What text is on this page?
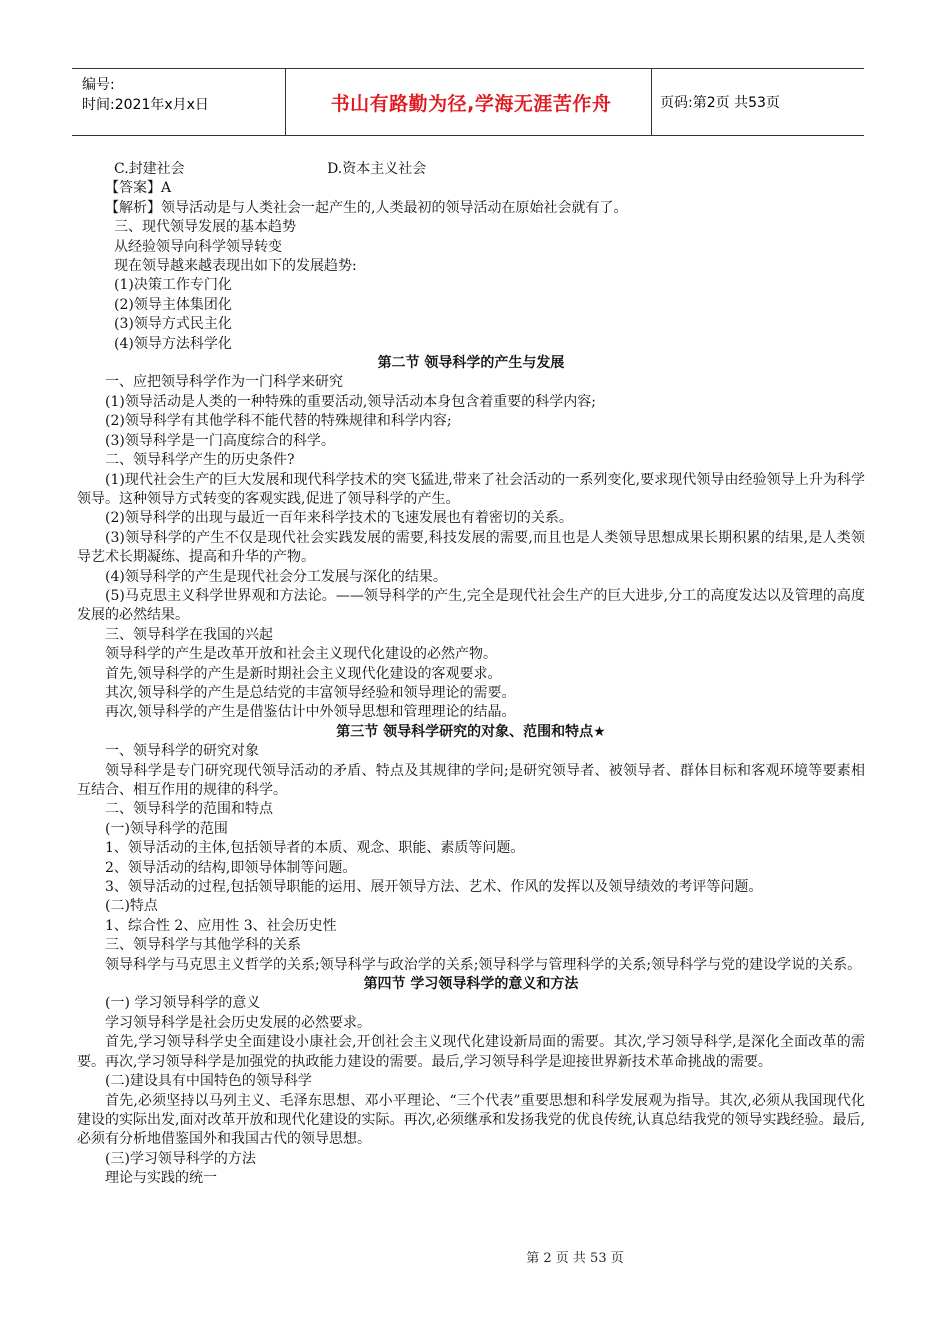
编号:
时间:2021年x月x日	书山有路勤为径,学海无涯苦作舟	页码:第2页 共53页
C.封建社会                                D.资本主义社会
【答案】A
【解析】领导活动是与人类社会一起产生的,人类最初的领导活动在原始社会就有了。
三、现代领导发展的基本趋势
从经验领导向科学领导转变
现在领导越来越表现出如下的发展趋势:
(1)决策工作专门化
(2)领导主体集团化
(3)领导方式民主化
(4)领导方法科学化
第二节 领导科学的产生与发展
一、应把领导科学作为一门科学来研究
(1)领导活动是人类的一种特殊的重要活动,领导活动本身包含着重要的科学内容;
(2)领导科学有其他学科不能代替的特殊规律和科学内容;
(3)领导科学是一门高度综合的科学。
二、领导科学产生的历史条件?
(1)现代社会生产的巨大发展和现代科学技术的突飞猛进,带来了社会活动的一系列变化,要求现代领导由经验领导上升为科学领导。这种领导方式转变的客观实践,促进了领导科学的产生。
(2)领导科学的出现与最近一百年来科学技术的飞速发展也有着密切的关系。
(3)领导科学的产生不仅是现代社会实践发展的需要,科技发展的需要,而且也是人类领导思想成果长期积累的结果,是人类领导艺术长期凝练、提高和升华的产物。
(4)领导科学的产生是现代社会分工发展与深化的结果。
(5)马克思主义科学世界观和方法论。——领导科学的产生,完全是现代社会生产的巨大进步,分工的高度发达以及管理的高度发展的必然结果。
三、领导科学在我国的兴起
领导科学的产生是改革开放和社会主义现代化建设的必然产物。
首先,领导科学的产生是新时期社会主义现代化建设的客观要求。
其次,领导科学的产生是总结党的丰富领导经验和领导理论的需要。
再次,领导科学的产生是借鉴估计中外领导思想和管理理论的结晶。
第三节 领导科学研究的对象、范围和特点★
一、领导科学的研究对象
领导科学是专门研究现代领导活动的矛盾、特点及其规律的学问;是研究领导者、被领导者、群体目标和客观环境等要素相互结合、相互作用的规律的科学。
二、领导科学的范围和特点
(一)领导科学的范围
1、领导活动的主体,包括领导者的本质、观念、职能、素质等问题。
2、领导活动的结构,即领导体制等问题。
3、领导活动的过程,包括领导职能的运用、展开领导方法、艺术、作风的发挥以及领导绩效的考评等问题。
(二)特点
1、综合性 2、应用性 3、社会历史性
三、领导科学与其他学科的关系
领导科学与马克思主义哲学的关系;领导科学与政治学的关系;领导科学与管理科学的关系;领导科学与党的建设学说的关系。
第四节 学习领导科学的意义和方法
(一) 学习领导科学的意义
学习领导科学是社会历史发展的必然要求。
首先,学习领导科学史全面建设小康社会,开创社会主义现代化建设新局面的需要。其次,学习领导科学,是深化全面改革的需要。再次,学习领导科学是加强党的执政能力建设的需要。最后,学习领导科学是迎接世界新技术革命挑战的需要。
(二)建设具有中国特色的领导科学
首先,必须坚持以马列主义、毛泽东思想、邓小平理论、“三个代表”重要思想和科学发展观为指导。其次,必须从我国现代化建设的实际出发,面对改革开放和现代化建设的实际。再次,必须继承和发扬我党的优良传统,认真总结我党的领导实践经验。最后,必须有分析地借鉴国外和我国古代的领导思想。
(三)学习领导科学的方法
理论与实践的统一
第 2 页 共 53 页
